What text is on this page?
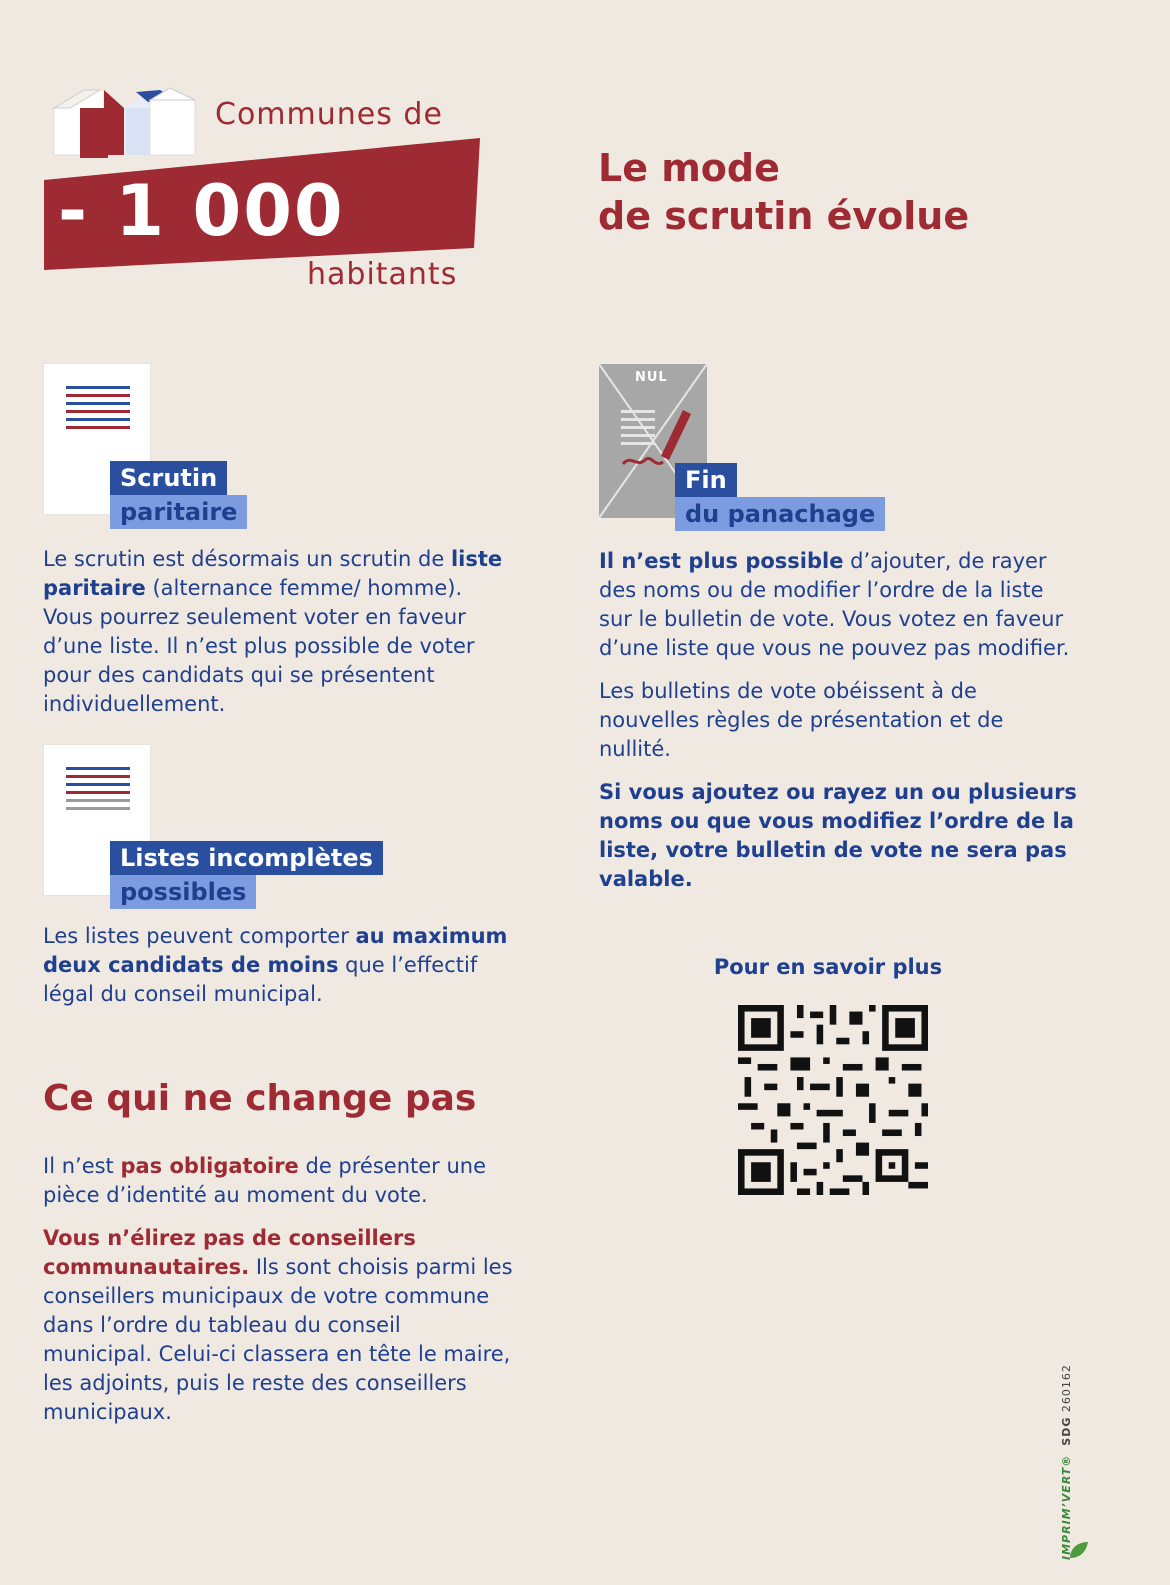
Communes de
- 1 000
habitants
Le mode
de scrutin évolue
Scrutin
paritaire

Le scrutin est désormais un scrutin de liste paritaire (alternance femme/ homme). Vous pourrez seulement voter en faveur d’une liste. Il n’est plus possible de voter pour des candidats qui se présentent individuellement.

Listes incomplètes
possibles

Les listes peuvent comporter au maximum deux candidats de moins que l’effectif légal du conseil municipal.

Ce qui ne change pas

Il n’est pas obligatoire de présenter une pièce d’identité au moment du vote.

Vous n’élirez pas de conseillers communautaires. Ils sont choisis parmi les conseillers municipaux de votre commune dans l’ordre du tableau du conseil municipal. Celui-ci classera en tête le maire, les adjoints, puis le reste des conseillers municipaux.

NUL
Fin
du panachage

Il n’est plus possible d’ajouter, de rayer des noms ou de modifier l’ordre de la liste sur le bulletin de vote. Vous votez en faveur d’une liste que vous ne pouvez pas modifier.

Les bulletins de vote obéissent à de nouvelles règles de présentation et de nullité.

Si vous ajoutez ou rayez un ou plusieurs noms ou que vous modifiez l’ordre de la liste, votre bulletin de vote ne sera pas valable.

Pour en savoir plus
IMPRIM’VERT®  SDG 260162
